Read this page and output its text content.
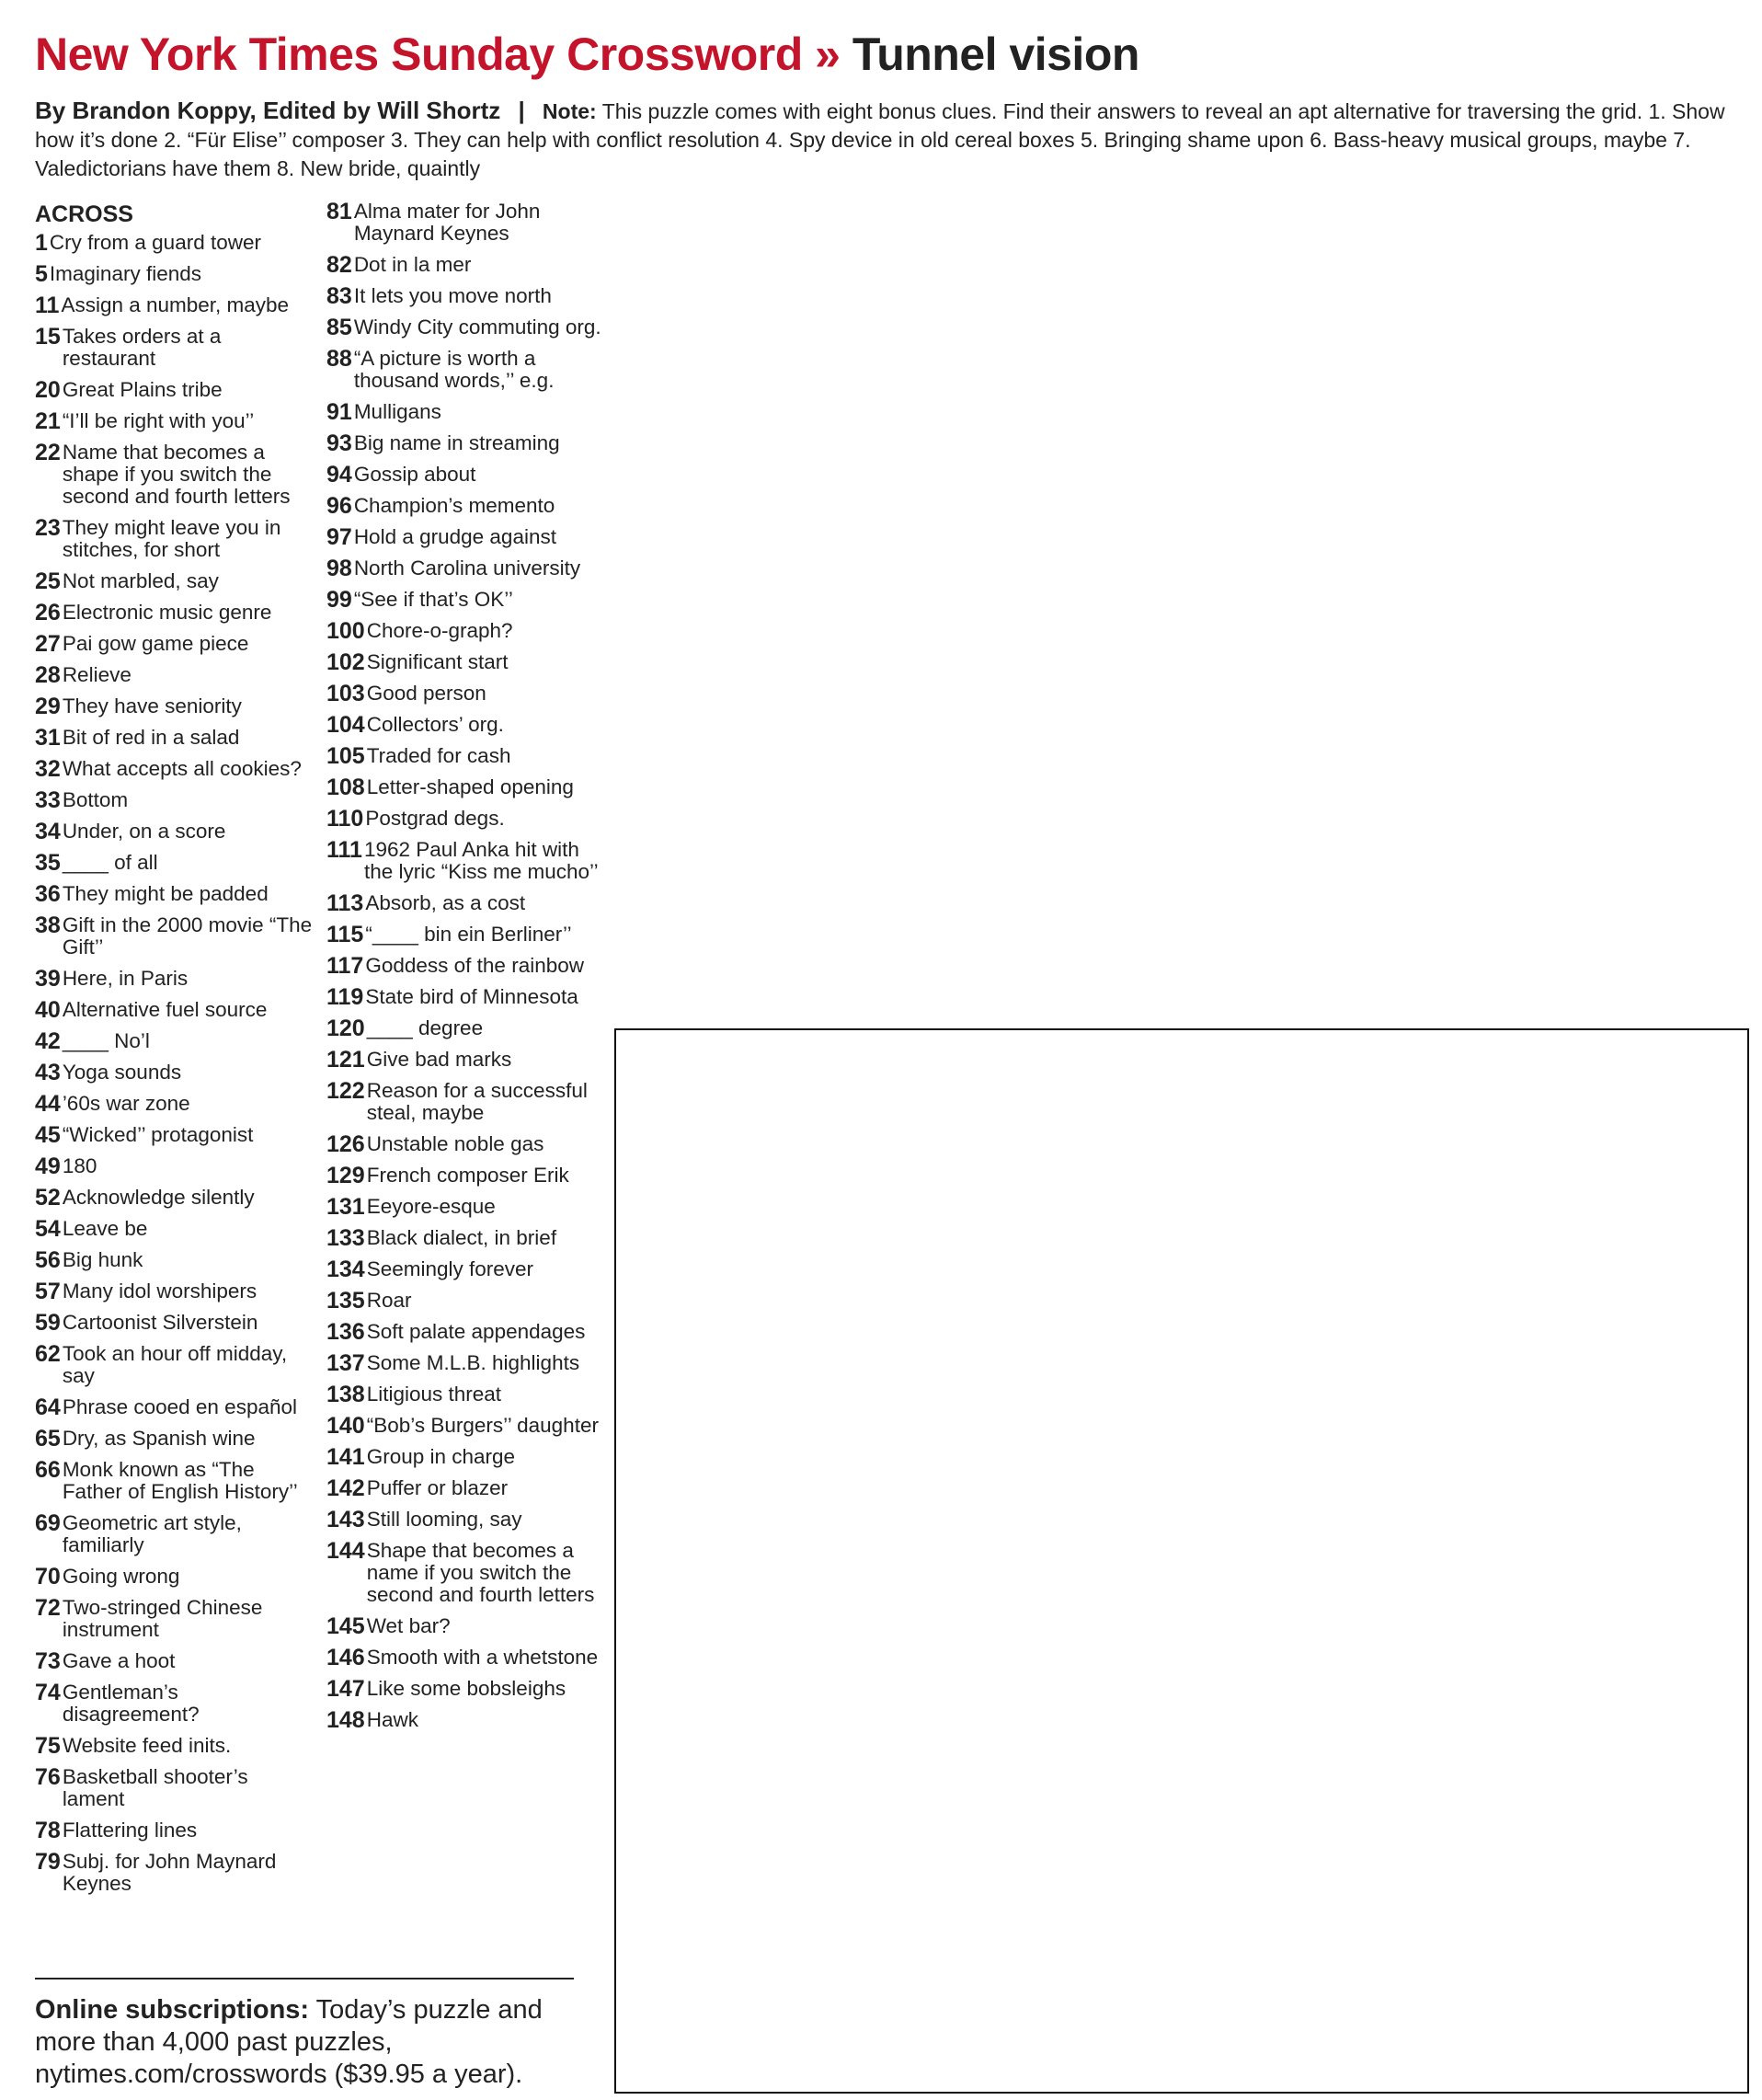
New York Times Sunday Crossword » Tunnel vision
By Brandon Koppy, Edited by Will Shortz | Note: This puzzle comes with eight bonus clues. Find their answers to reveal an apt alternative for traversing the grid. 1. Show how it’s done 2. “Für Elise’’ composer 3. They can help with conflict resolution 4. Spy device in old cereal boxes 5. Bringing shame upon 6. Bass-heavy musical groups, maybe 7. Valedictorians have them 8. New bride, quaintly
ACROSS
1 Cry from a guard tower
5 Imaginary fiends
11 Assign a number, maybe
15 Takes orders at a restaurant
20 Great Plains tribe
21 “I’ll be right with you’’
22 Name that becomes a shape if you switch the second and fourth letters
23 They might leave you in stitches, for short
25 Not marbled, say
26 Electronic music genre
27 Pai gow game piece
28 Relieve
29 They have seniority
31 Bit of red in a salad
32 What accepts all cookies?
33 Bottom
34 Under, on a score
35 ____ of all
36 They might be padded
38 Gift in the 2000 movie “The Gift’’
39 Here, in Paris
40 Alternative fuel source
42 ____ No’l
43 Yoga sounds
44 ’60s war zone
45 “Wicked’’ protagonist
49 180
52 Acknowledge silently
54 Leave be
56 Big hunk
57 Many idol worshipers
59 Cartoonist Silverstein
62 Took an hour off midday, say
64 Phrase cooed en español
65 Dry, as Spanish wine
66 Monk known as “The Father of English History’’
69 Geometric art style, familiarly
70 Going wrong
72 Two-stringed Chinese instrument
73 Gave a hoot
74 Gentleman’s disagreement?
75 Website feed inits.
76 Basketball shooter’s lament
78 Flattering lines
79 Subj. for John Maynard Keynes
81 Alma mater for John Maynard Keynes
82 Dot in la mer
83 It lets you move north
85 Windy City commuting org.
88 “A picture is worth a thousand words,’’ e.g.
91 Mulligans
93 Big name in streaming
94 Gossip about
96 Champion’s memento
97 Hold a grudge against
98 North Carolina university
99 “See if that’s OK’’
100 Chore-o-graph?
102 Significant start
103 Good person
104 Collectors’ org.
105 Traded for cash
108 Letter-shaped opening
110 Postgrad degs.
111 1962 Paul Anka hit with the lyric “Kiss me mucho’’
113 Absorb, as a cost
115 “____ bin ein Berliner’’
117 Goddess of the rainbow
119 State bird of Minnesota
120 ____ degree
121 Give bad marks
122 Reason for a successful steal, maybe
126 Unstable noble gas
129 French composer Erik
131 Eeyore-esque
133 Black dialect, in brief
134 Seemingly forever
135 Roar
136 Soft palate appendages
137 Some M.L.B. highlights
138 Litigious threat
140 “Bob’s Burgers’’ daughter
141 Group in charge
142 Puffer or blazer
143 Still looming, say
144 Shape that becomes a name if you switch the second and fourth letters
145 Wet bar?
146 Smooth with a whetstone
147 Like some bobsleighs
148 Hawk
Online subscriptions: Today’s puzzle and more than 4,000 past puzzles, nytimes.com/crosswords ($39.95 a year).
